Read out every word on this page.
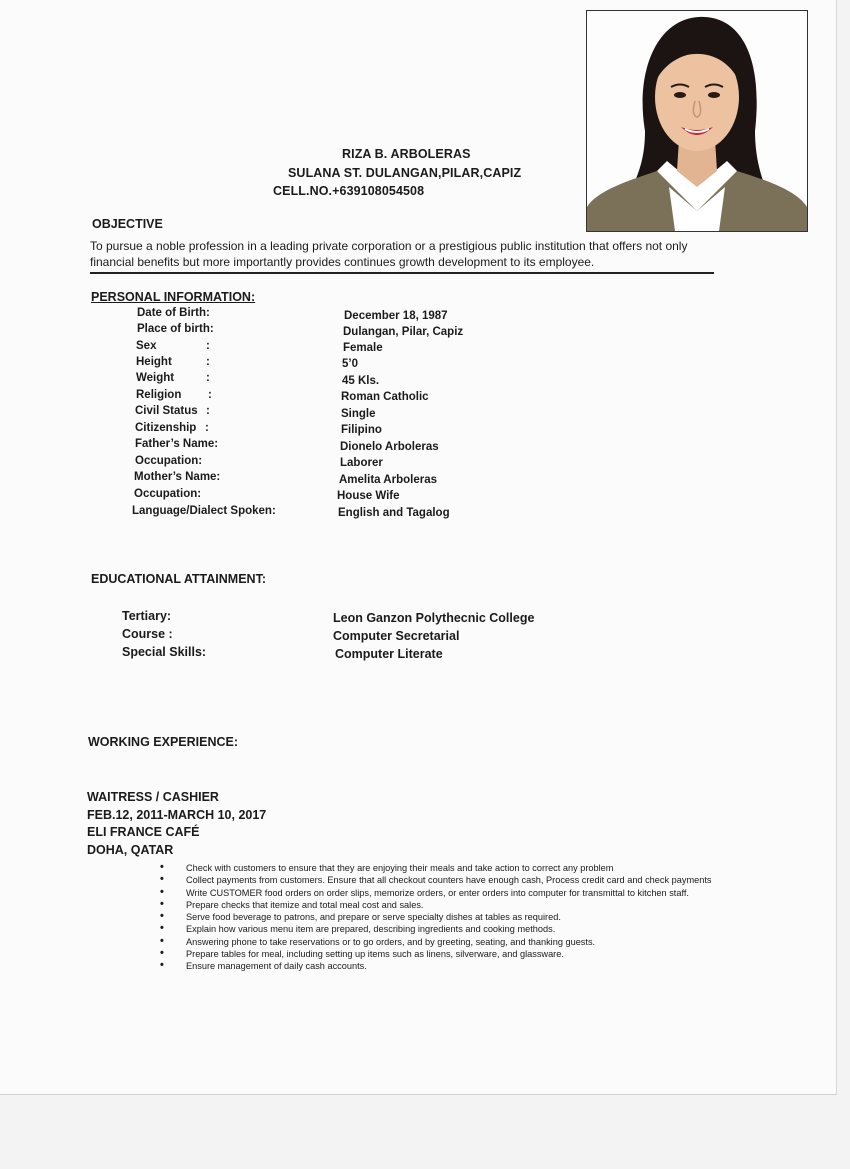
RIZA B. ARBOLERAS
SULANA ST. DULANGAN,PILAR,CAPIZ
CELL.NO.+639108054508
OBJECTIVE
To pursue a noble profession in a leading private corporation or a prestigious public institution that offers not only financial benefits but more importantly provides continues growth development to its employee.
PERSONAL INFORMATION:
Date of Birth:	December 18, 1987
Place of birth:	Dulangan, Pilar, Capiz
Sex	:	Female
Height	:	5’0
Weight	:	45 Kls.
Religion :	Roman Catholic
Civil Status :	Single
Citizenship :	Filipino
Father’s Name:	Dionelo Arboleras
Occupation:	Laborer
Mother’s Name:	Amelita Arboleras
Occupation:	House Wife
Language/Dialect Spoken:	English and Tagalog
EDUCATIONAL ATTAINMENT:
Tertiary:	Leon Ganzon Polythecnic College
Course :	Computer Secretarial
Special Skills:	Computer Literate
WORKING EXPERIENCE:
WAITRESS / CASHIER
FEB.12, 2011-MARCH 10, 2017
ELI FRANCE CAFÉ
DOHA, QATAR
• Check with customers to ensure that they are enjoying their meals and take action to correct any problem
• Collect payments from customers. Ensure that all checkout counters have enough cash, Process credit card and check payments
• Write CUSTOMER food orders on order slips, memorize orders, or enter orders into computer for transmittal to kitchen staff.
• Prepare checks that itemize and total meal cost and sales.
• Serve food beverage to patrons, and prepare or serve specialty dishes at tables as required.
• Explain how various menu item are prepared, describing ingredients and cooking methods.
• Answering phone to take reservations or to go orders, and by greeting, seating, and thanking guests.
• Prepare tables for meal, including setting up items such as linens, silverware, and glassware.
• Ensure management of daily cash accounts.
